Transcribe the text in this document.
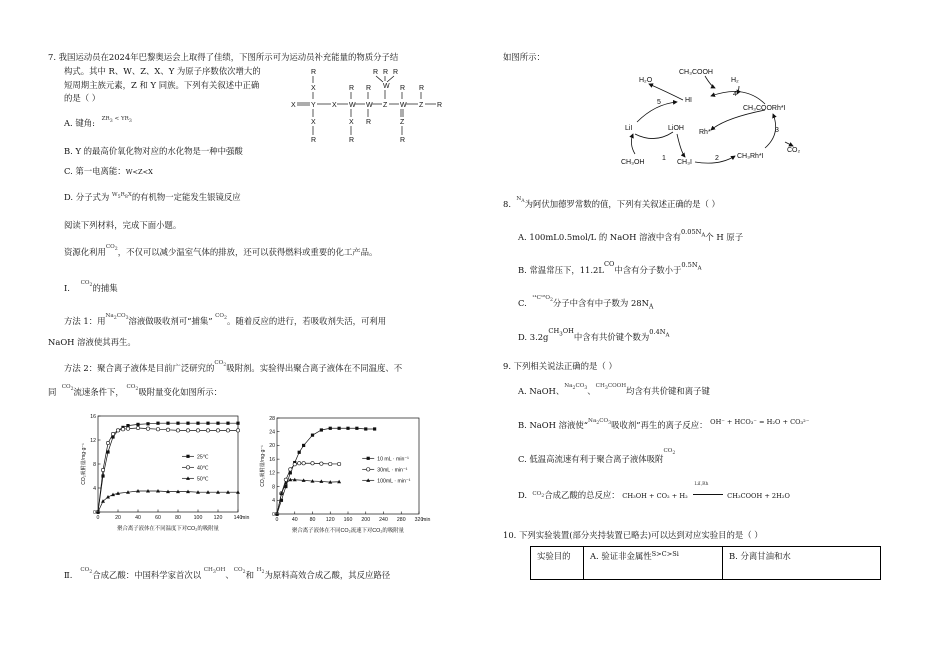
7. 我国运动员在2024年巴黎奥运会上取得了佳绩，下图所示可为运动员补充能量的物质分子结
构式。其中 R、W、Z、X、Y 为原子序数依次增大的
短周期主族元素，Z 和 Y 同族。下列有关叙述中正确
的是（ ）
A. 键角: $^{ZR_3 < YR_3}$
B. Y 的最高价氧化物对应的水化物是一种中强酸
C. 第一电离能：W<Z<X
D. 分子式为 $^{W_5R_8X}$的有机物一定能发生银镜反应
X Y X W W Z W Z R
R
X
X
R
R
X
R
R
R
R R
W
R
R
Z
R
R
阅读下列材料，完成下面小题。
资源化利用$^{CO_2}$，不仅可以减少温室气体的排放，还可以获得燃料或重要的化工产品。
Ⅰ. $^{CO_2}$的捕集
方法 1：用$^{Na_2CO_3}$溶液做吸收剂可“捕集” $^{CO_2}$。随着反应的进行，若吸收剂失活，可利用
NaOH 溶液使其再生。
方法 2：聚合离子液体是目前广泛研究的$^{CO_2}$吸附剂。实验得出聚合离子液体在不同温度、不
同 $^{CO_2}$流速条件下， $^{CO_2}$吸附量变化如图所示：
0	20	40	60	80 100 120 140
0
4
8
12
16
min
CO₂吸附量/mg·g⁻¹
聚合离子液体在不同温度下对CO₂的吸附量
25℃
40℃
50℃
0	40 80 120 160 200 240 280 320
0
4
8
12
16
20
24
28
min
CO₂吸附量/mg·g⁻¹
聚合离子液体在不同CO₂流速下对CO₂的吸附量
10 mL · min⁻¹
30mL · min⁻¹
100mL · min⁻¹
Ⅱ. $^{CO_2}$合成乙酸：中国科学家首次以 $^{CH_3OH}$、$^{CO_2}$和 $^{H_2}$为原料高效合成乙酸，其反应路径
如图所示：
H₂O
CH₃COOH
H₂
HI
LiI	LiOH
Rh*
CH₃COORh*I
CH₃OH	CH₃I
CH₃Rh*I
CO₂
1	2
3
4
5
8. $^{N_A}$为阿伏加德罗常数的值，下列有关叙述正确的是（ ）
A. 100mL0.5mol/L 的 NaOH 溶液中含有$^{0.05N_A}$个 H 原子
B. 常温常压下，$11.2L^{CO}$中含有分子数小于$^{0.5N_A}$
C. $^{^{14}C^{18}O_2}$分子中含有中子数为 $28N_A$
D. $3.2g^{CH_3OH}$中含有共价键个数为$^{0.4N_A}$
9. 下列相关说法正确的是（ ）
A. NaOH、$^{Na_2CO_3}$、$^{CH_3COOH}$均含有共价键和离子键
B. NaOH 溶液使“$^{Na_2CO_3}$吸收剂”再生的离子反应： $^{OH^- + HCO_3^- = H_2O + CO_3^{2-}}$
C. 低温高流速有利于聚合离子液体吸附$^{CO_2}$
D. $^{CO_2}$合成乙酸的总反应： CH₃OH + CO₂ + H₂
LiI,Rh
CH₃COOH + 2H₂O
10. 下列实验装置(部分夹持装置已略去)可以达到对应实验目的是（ ）
实验目的	A. 验证非金属性$^{S>C>Si}$	B. 分离甘油和水
